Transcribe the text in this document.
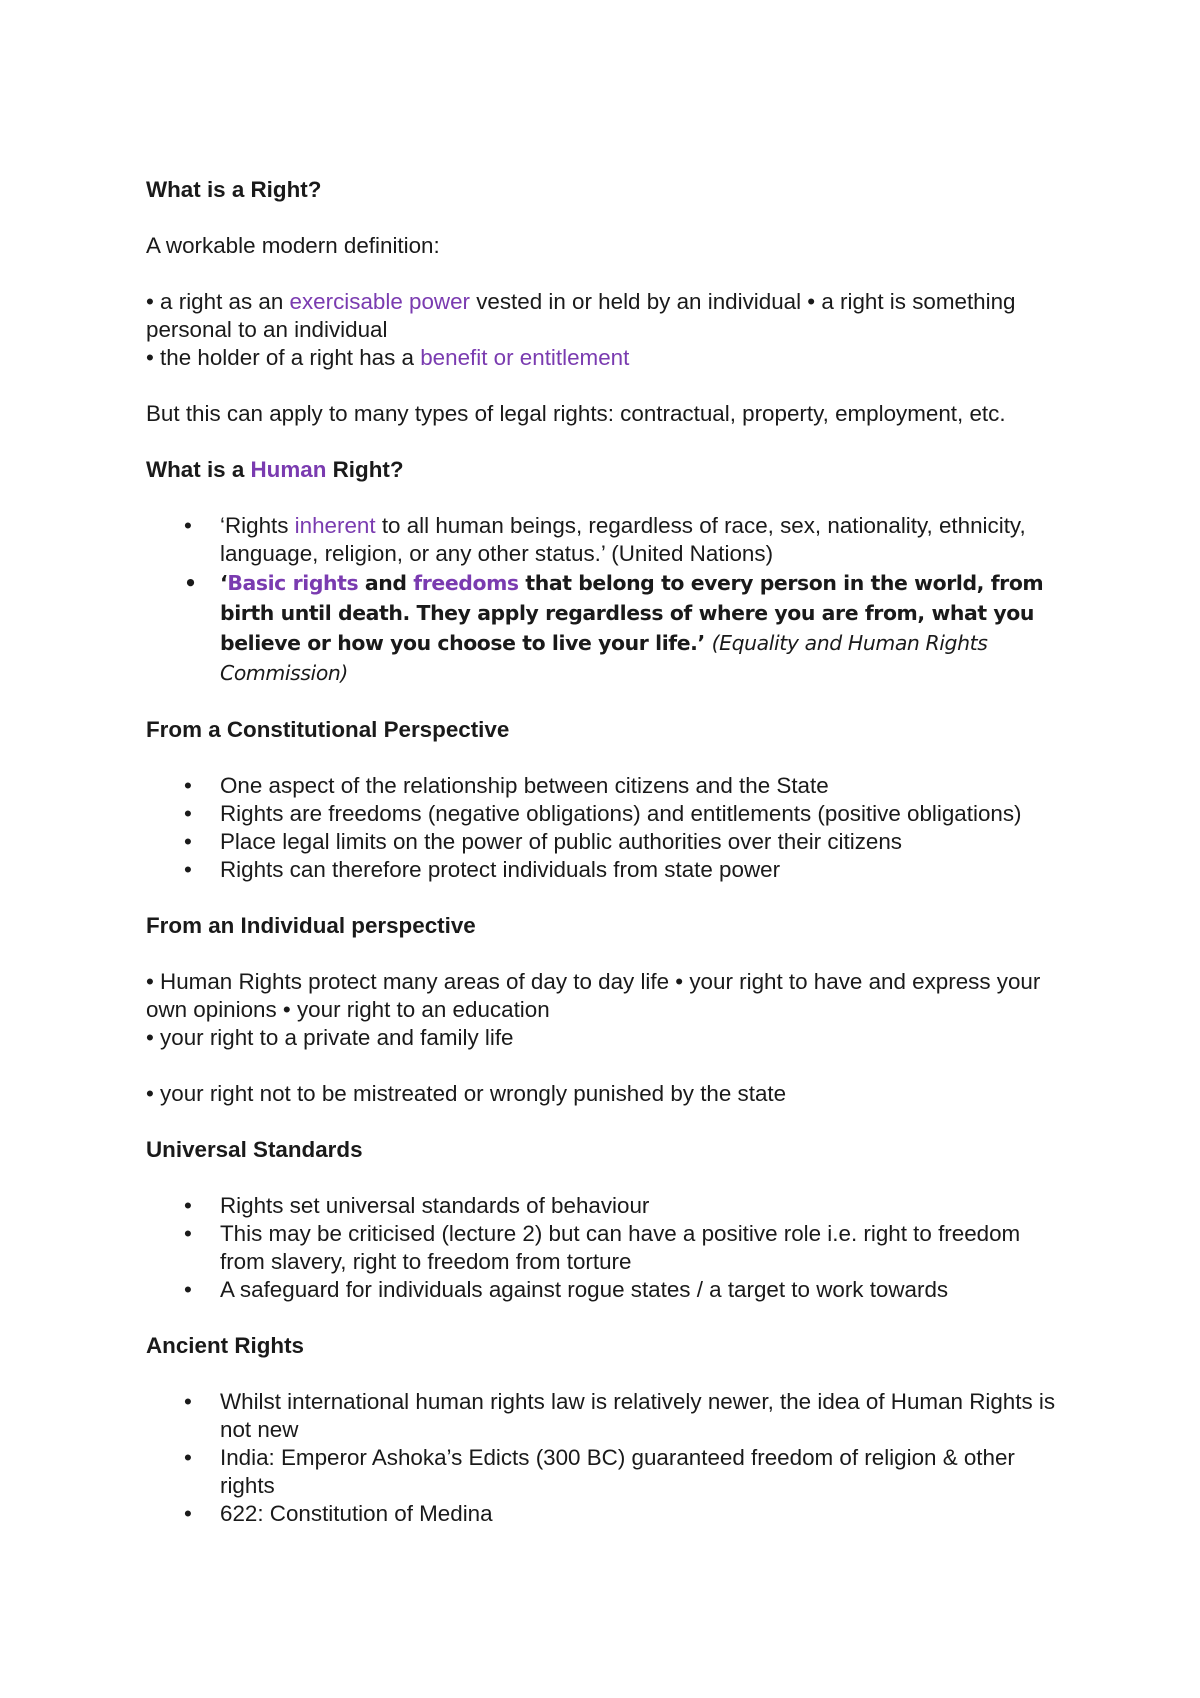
What is a Right?

A workable modern definition:

• a right as an exercisable power vested in or held by an individual • a right is something personal to an individual

• the holder of a right has a benefit or entitlement

But this can apply to many types of legal rights: contractual, property, employment, etc.

What is a Human Right?

• ‘Rights inherent to all human beings, regardless of race, sex, nationality, ethnicity, language, religion, or any other status.’ (United Nations)
• ‘Basic rights and freedoms that belong to every person in the world, from birth until death. They apply regardless of where you are from, what you believe or how you choose to live your life.’ (Equality and Human Rights Commission)

From a Constitutional Perspective

• One aspect of the relationship between citizens and the State
• Rights are freedoms (negative obligations) and entitlements (positive obligations)
• Place legal limits on the power of public authorities over their citizens
• Rights can therefore protect individuals from state power

From an Individual perspective

• Human Rights protect many areas of day to day life • your right to have and express your own opinions • your right to an education

• your right to a private and family life

• your right not to be mistreated or wrongly punished by the state

Universal Standards

• Rights set universal standards of behaviour
• This may be criticised (lecture 2) but can have a positive role i.e. right to freedom from slavery, right to freedom from torture
• A safeguard for individuals against rogue states / a target to work towards

Ancient Rights

• Whilst international human rights law is relatively newer, the idea of Human Rights is not new
• India: Emperor Ashoka’s Edicts (300 BC) guaranteed freedom of religion & other rights
• 622: Constitution of Medina
